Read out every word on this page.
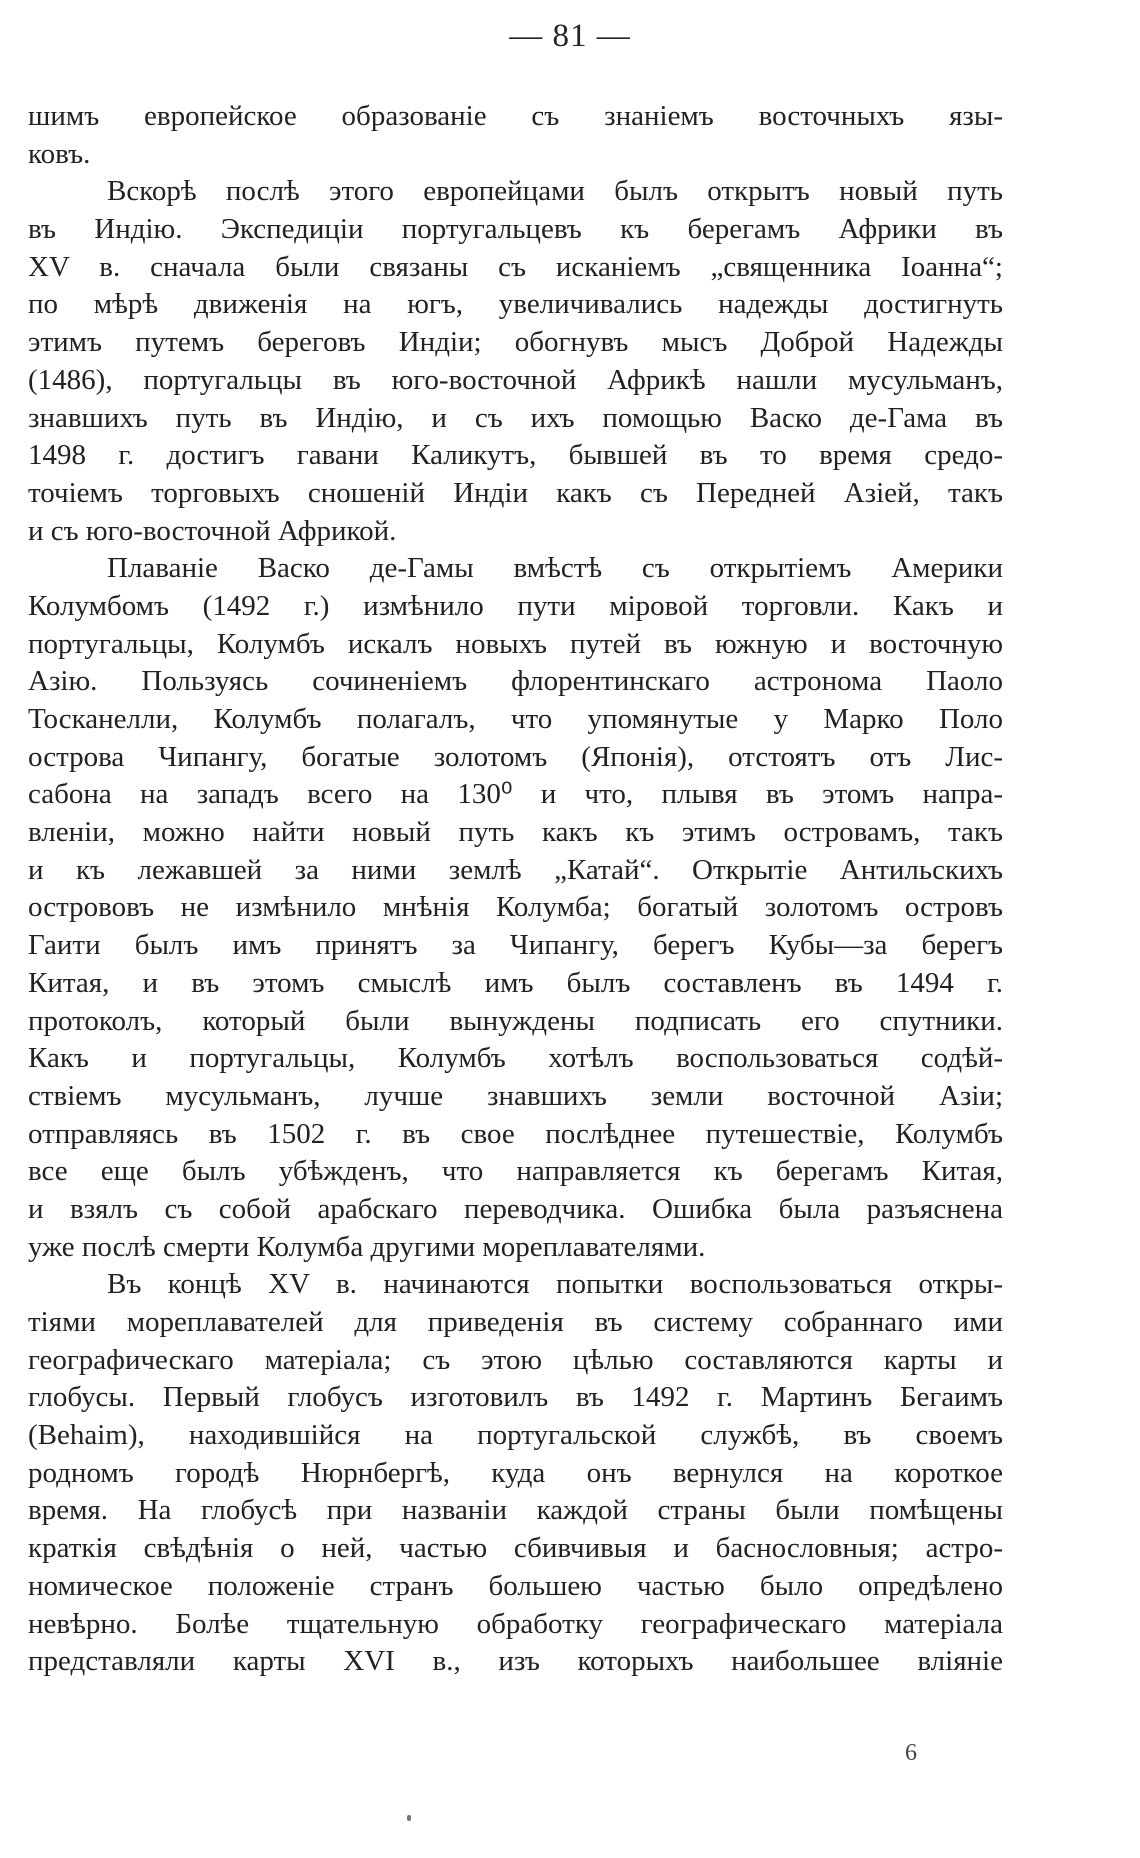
— 81 —
шимъ европейское образованіе съ знаніемъ восточныхъ язы-
ковъ.
Вскорѣ послѣ этого европейцами былъ открытъ новый путь
въ Индію. Экспедиціи португальцевъ къ берегамъ Африки въ
XV в. сначала были связаны съ исканіемъ „священника Іоанна“;
по мѣрѣ движенія на югъ, увеличивались надежды достигнуть
этимъ путемъ береговъ Индіи; обогнувъ мысъ Доброй Надежды
(1486), португальцы въ юго-восточной Африкѣ нашли мусульманъ,
знавшихъ путь въ Индію, и съ ихъ помощью Васко де-Гама въ
1498 г. достигъ гавани Каликутъ, бывшей въ то время средо-
точіемъ торговыхъ сношеній Индіи какъ съ Передней Азіей, такъ
и съ юго-восточной Африкой.
Плаваніе Васко де-Гамы вмѣстѣ съ открытіемъ Америки
Колумбомъ (1492 г.) измѣнило пути міровой торговли. Какъ и
португальцы, Колумбъ искалъ новыхъ путей въ южную и восточную
Азію. Пользуясь сочиненіемъ флорентинскаго астронома Паоло
Тосканелли, Колумбъ полагалъ, что упомянутые у Марко Поло
острова Чипангу, богатые золотомъ (Японія), отстоятъ отъ Лис-
сабона на западъ всего на 130⁰ и что, плывя въ этомъ напра-
вленіи, можно найти новый путь какъ къ этимъ островамъ, такъ
и къ лежавшей за ними землѣ „Катай“. Открытіе Антильскихъ
острововъ не измѣнило мнѣнія Колумба; богатый золотомъ островъ
Гаити былъ имъ принятъ за Чипангу, берегъ Кубы—за берегъ
Китая, и въ этомъ смыслѣ имъ былъ составленъ въ 1494 г.
протоколъ, который были вынуждены подписать его спутники.
Какъ и португальцы, Колумбъ хотѣлъ воспользоваться содѣй-
ствіемъ мусульманъ, лучше знавшихъ земли восточной Азіи;
отправляясь въ 1502 г. въ свое послѣднее путешествіе, Колумбъ
все еще былъ убѣжденъ, что направляется къ берегамъ Китая,
и взялъ съ собой арабскаго переводчика. Ошибка была разъяснена
уже послѣ смерти Колумба другими мореплавателями.
Въ концѣ XV в. начинаются попытки воспользоваться откры-
тіями мореплавателей для приведенія въ систему собраннаго ими
географическаго матеріала; съ этою цѣлью составляются карты и
глобусы. Первый глобусъ изготовилъ въ 1492 г. Мартинъ Бегаимъ
(Behaim), находившійся на португальской службѣ, въ своемъ
родномъ городѣ Нюрнбергѣ, куда онъ вернулся на короткое
время. На глобусѣ при названіи каждой страны были помѣщены
краткія свѣдѣнія о ней, частью сбивчивыя и баснословныя; астро-
номическое положеніе странъ большею частью было опредѣлено
невѣрно. Болѣе тщательную обработку географическаго матеріала
представляли карты XVI в., изъ которыхъ наибольшее вліяніе
6
